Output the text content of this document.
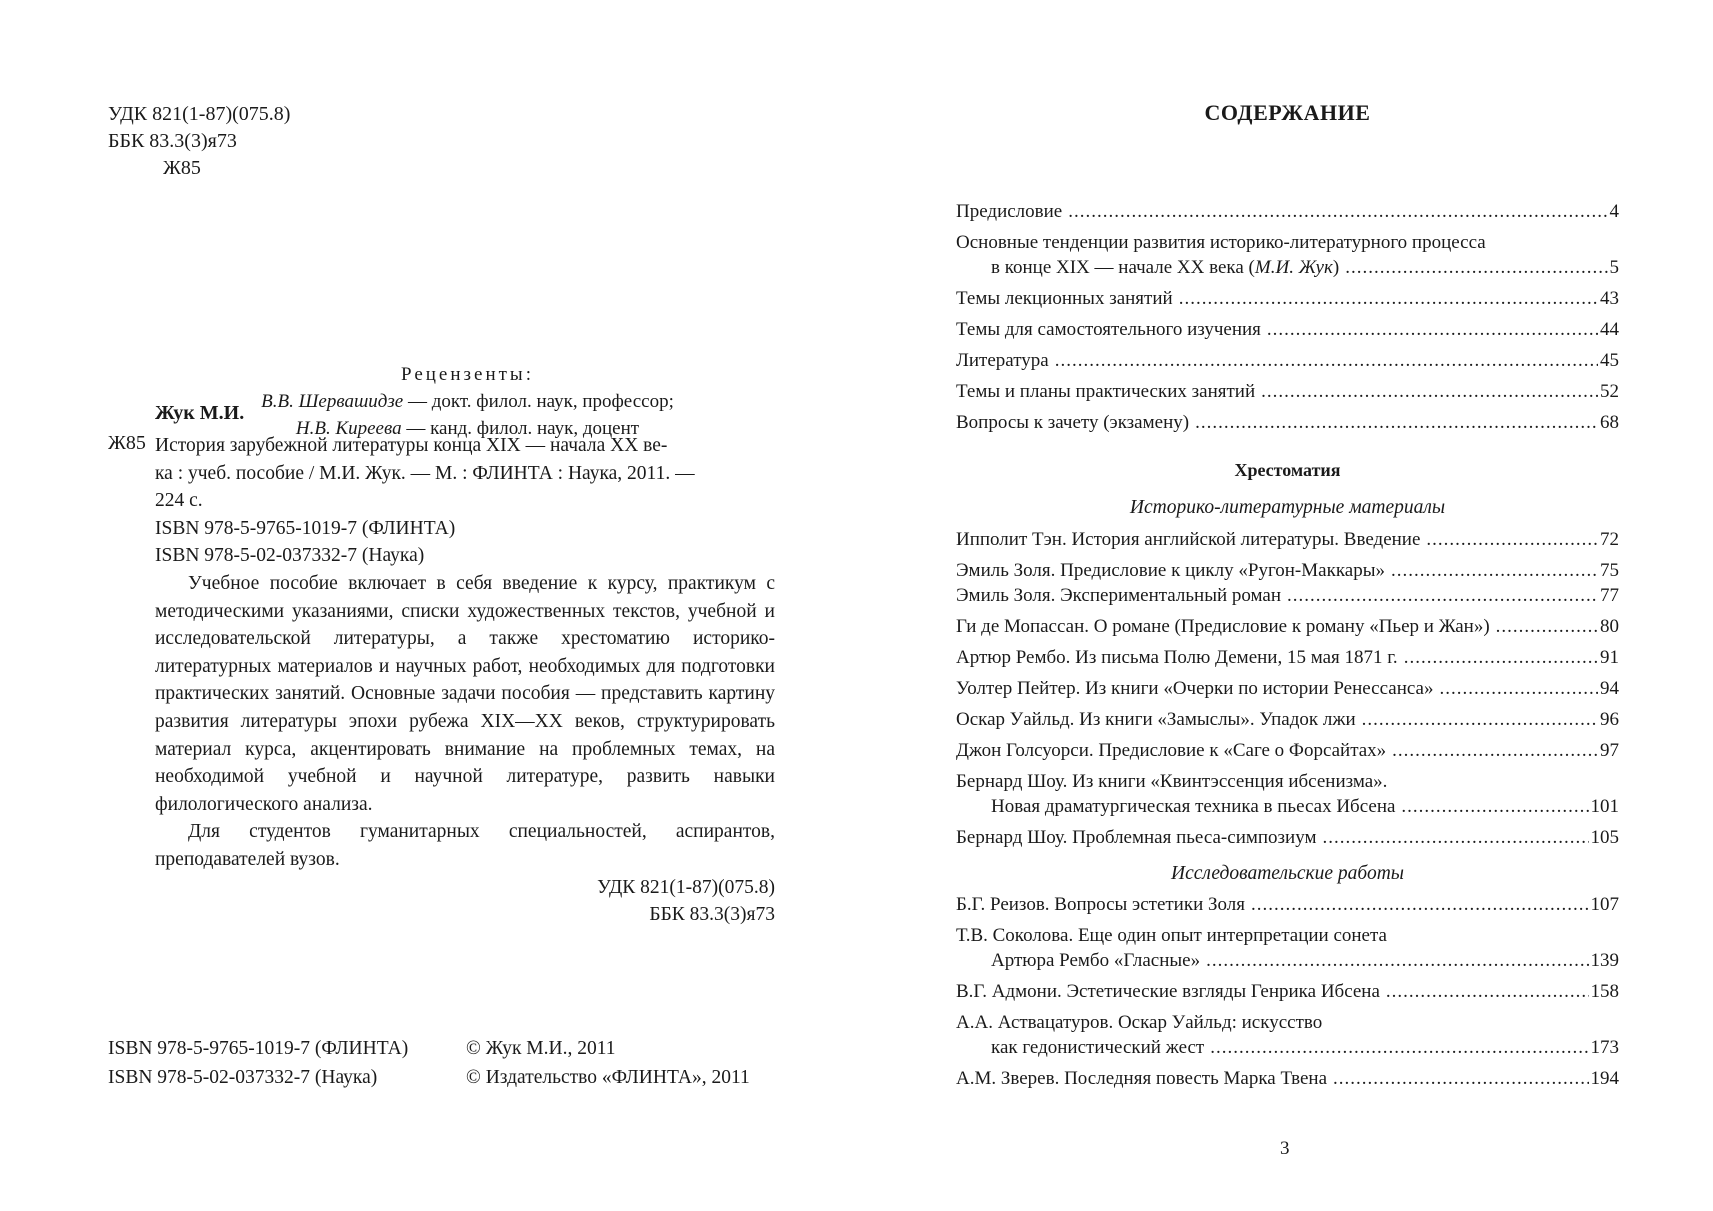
УДК 821(1-87)(075.8)
ББК 83.3(3)я73
Ж85
Рецензенты:
В.В. Шервашидзе — докт. филол. наук, профессор;
Н.В. Киреева — канд. филол. наук, доцент
Жук М.И.
Ж85 История зарубежной литературы конца XIX — начала XX ве-
ка : учеб. пособие / М.И. Жук. — М. : ФЛИНТА : Наука, 2011. —
224 с.
ISBN 978-5-9765-1019-7 (ФЛИНТА)
ISBN 978-5-02-037332-7 (Наука)

Учебное пособие включает в себя введение к курсу, практикум с методическими указаниями, списки художественных текстов, учебной и исследовательской литературы, а также хрестоматию историко-литературных материалов и научных работ, необходимых для подготовки практических занятий. Основные задачи пособия — представить картину развития литературы эпохи рубежа XIX—XX веков, структурировать материал курса, акцентировать внимание на проблемных темах, на необходимой учебной и научной литературе, развить навыки филологического анализа.

Для студентов гуманитарных специальностей, аспирантов, преподавателей вузов.

УДК 821(1-87)(075.8)
ББК 83.3(3)я73
ISBN 978-5-9765-1019-7 (ФЛИНТА)
ISBN 978-5-02-037332-7 (Наука)
© Жук М.И., 2011
© Издательство «ФЛИНТА», 2011
СОДЕРЖАНИЕ
Предисловие .....	4
Основные тенденции развития историко-литературного процесса
в конце XIX — начале XX века (М.И. Жук) .....	5
Темы лекционных занятий .....	43
Темы для самостоятельного изучения .....	44
Литература .....	45
Темы и планы практических занятий .....	52
Вопросы к зачету (экзамену) .....	68
Хрестоматия
Историко-литературные материалы
Ипполит Тэн. История английской литературы. Введение .....	72
Эмиль Золя. Предисловие к циклу «Ругон-Маккары» .....	75
Эмиль Золя. Экспериментальный роман .....	77
Ги де Мопассан. О романе (Предисловие к роману «Пьер и Жан») .....	80
Артюр Рембо. Из письма Полю Демени, 15 мая 1871 г. .....	91
Уолтер Пейтер. Из книги «Очерки по истории Ренессанса» .....	94
Оскар Уайльд. Из книги «Замыслы». Упадок лжи .....	96
Джон Голсуорси. Предисловие к «Саге о Форсайтах» .....	97
Бернард Шоу. Из книги «Квинтэссенция ибсенизма».
Новая драматургическая техника в пьесах Ибсена .....	101
Бернард Шоу. Проблемная пьеса-симпозиум .....	105
Исследовательские работы
Б.Г. Реизов. Вопросы эстетики Золя .....	107
Т.В. Соколова. Еще один опыт интерпретации сонета
Артюра Рембо «Гласные» .....	139
В.Г. Адмони. Эстетические взгляды Генрика Ибсена .....	158
А.А. Аствацатуров. Оскар Уайльд: искусство
как гедонистический жест .....	173
А.М. Зверев. Последняя повесть Марка Твена .....	194
3
